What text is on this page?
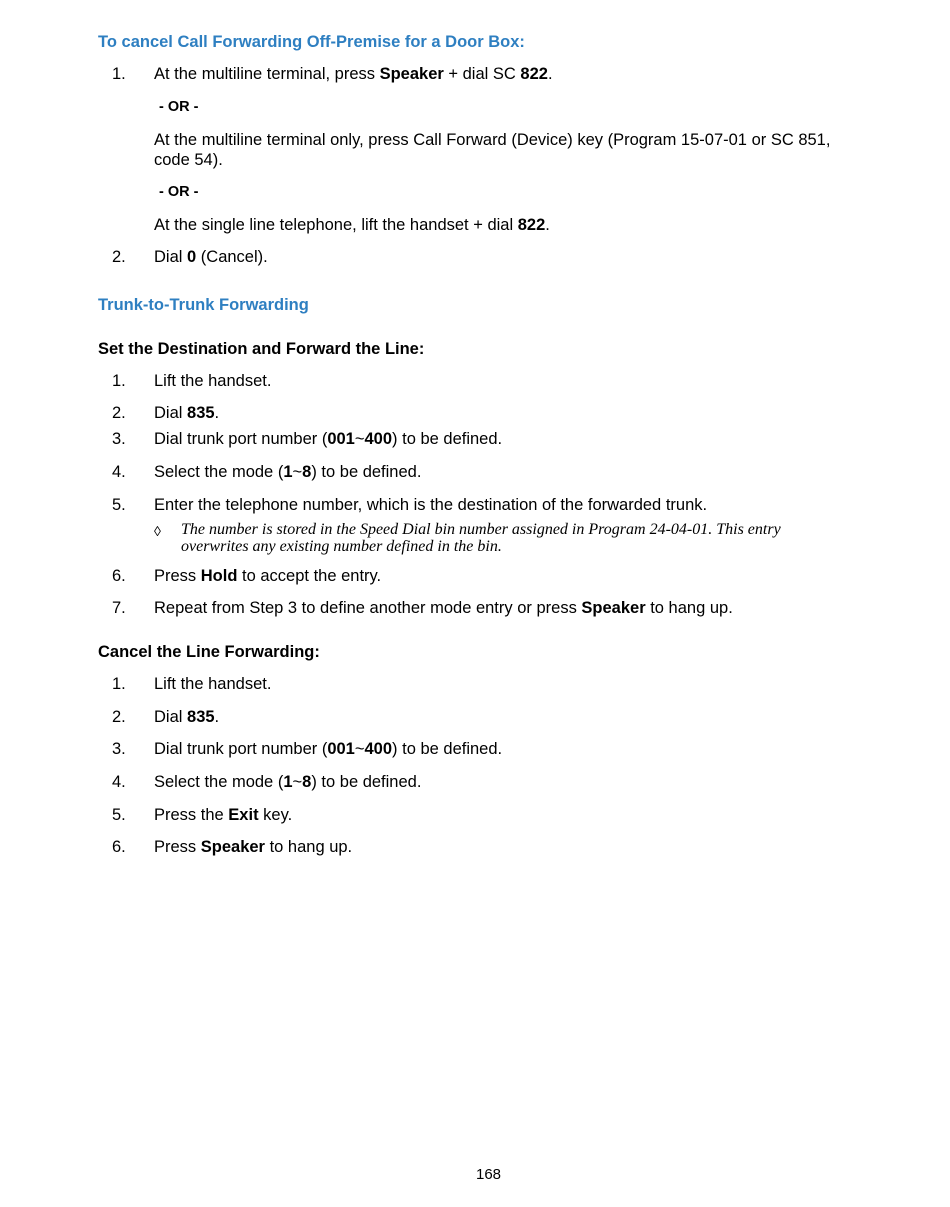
To cancel Call Forwarding Off-Premise for a Door Box:
1. At the multiline terminal, press Speaker + dial SC 822.
- OR -
At the multiline terminal only, press Call Forward (Device) key (Program 15-07-01 or SC 851, code 54).
- OR -
At the single line telephone, lift the handset + dial 822.
2. Dial 0 (Cancel).
Trunk-to-Trunk Forwarding
Set the Destination and Forward the Line:
1. Lift the handset.
2. Dial 835.
3. Dial trunk port number (001~400) to be defined.
4. Select the mode (1~8) to be defined.
5. Enter the telephone number, which is the destination of the forwarded trunk.
◊ The number is stored in the Speed Dial bin number assigned in Program 24-04-01. This entry overwrites any existing number defined in the bin.
6. Press Hold to accept the entry.
7. Repeat from Step 3 to define another mode entry or press Speaker to hang up.
Cancel the Line Forwarding:
1. Lift the handset.
2. Dial 835.
3. Dial trunk port number (001~400) to be defined.
4. Select the mode (1~8) to be defined.
5. Press the Exit key.
6. Press Speaker to hang up.
168
